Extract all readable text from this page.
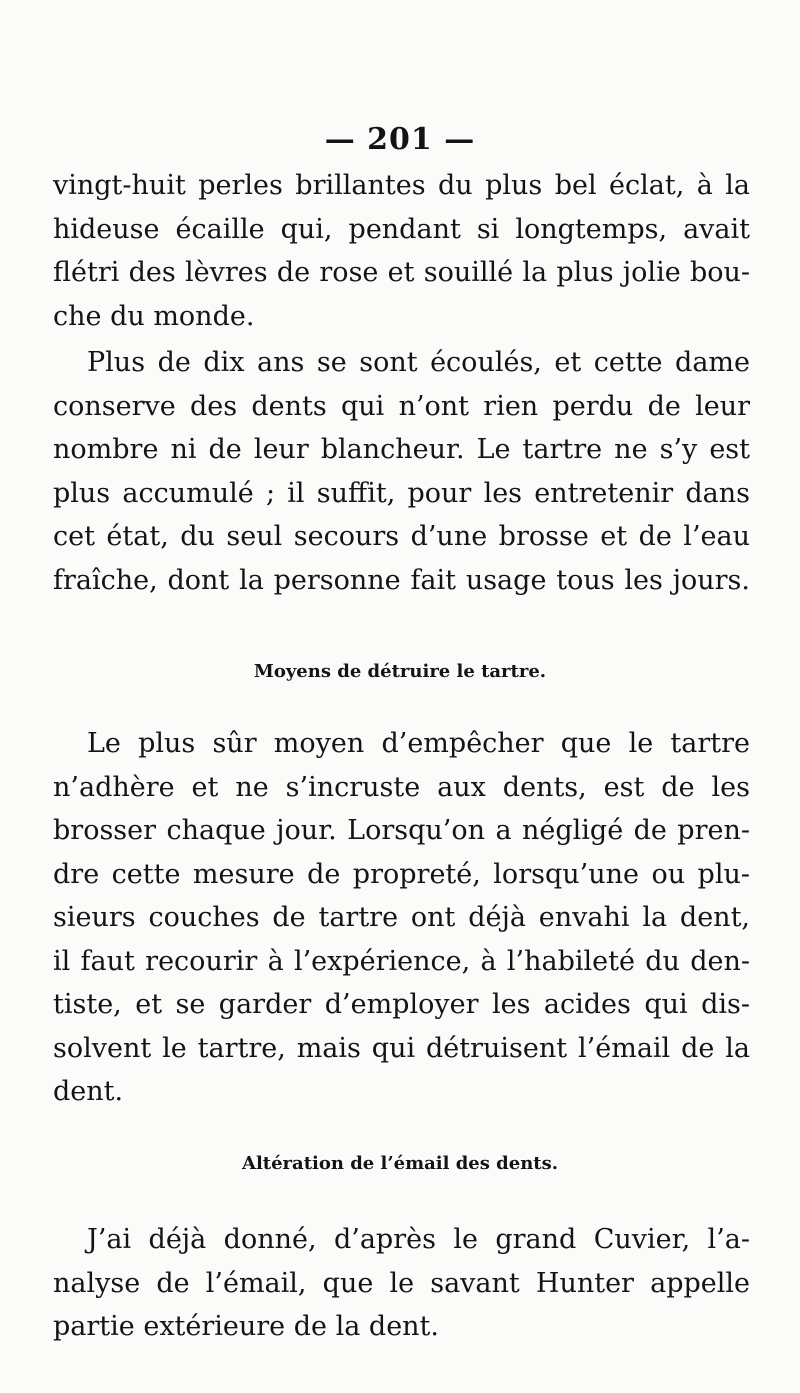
— 201 —
vingt-huit perles brillantes du plus bel éclat, à la
hideuse écaille qui, pendant si longtemps, avait
flétri des lèvres de rose et souillé la plus jolie bou-
che du monde.
Plus de dix ans se sont écoulés, et cette dame
conserve des dents qui n’ont rien perdu de leur
nombre ni de leur blancheur. Le tartre ne s’y est
plus accumulé ; il suffit, pour les entretenir dans
cet état, du seul secours d’une brosse et de l’eau
fraîche, dont la personne fait usage tous les jours.
Moyens de détruire le tartre.
Le plus sûr moyen d’empêcher que le tartre
n’adhère et ne s’incruste aux dents, est de les
brosser chaque jour. Lorsqu’on a négligé de pren-
dre cette mesure de propreté, lorsqu’une ou plu-
sieurs couches de tartre ont déjà envahi la dent,
il faut recourir à l’expérience, à l’habileté du den-
tiste, et se garder d’employer les acides qui dis-
solvent le tartre, mais qui détruisent l’émail de la
dent.
Altération de l’émail des dents.
J’ai déjà donné, d’après le grand Cuvier, l’a-
nalyse de l’émail, que le savant Hunter appelle
partie extérieure de la dent.
